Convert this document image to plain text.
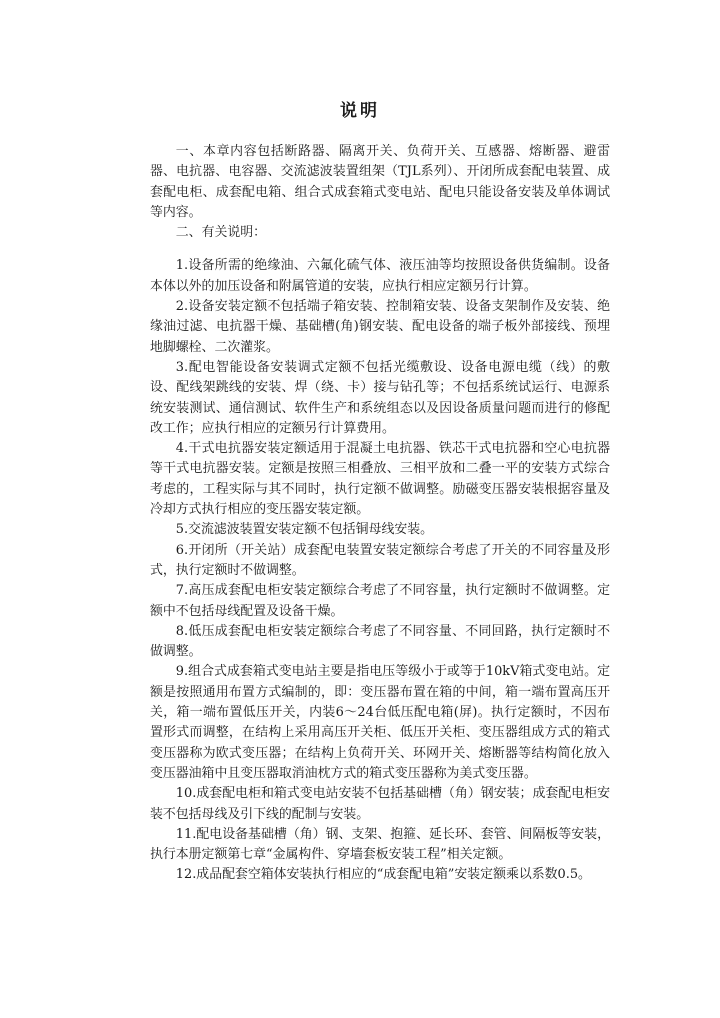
说明

一、本章内容包括断路器、隔离开关、负荷开关、互感器、熔断器、避雷器、电抗器、电容器、交流滤波装置组架（TJL系列）、开闭所成套配电装置、成套配电柜、成套配电箱、组合式成套箱式变电站、配电只能设备安装及单体调试等内容。

二、有关说明：

1.设备所需的绝缘油、六氟化硫气体、液压油等均按照设备供货编制。设备本体以外的加压设备和附属管道的安装，应执行相应定额另行计算。

2.设备安装定额不包括端子箱安装、控制箱安装、设备支架制作及安装、绝缘油过滤、电抗器干燥、基础槽(角)钢安装、配电设备的端子板外部接线、预埋地脚螺栓、二次灌浆。

3.配电智能设备安装调式定额不包括光缆敷设、设备电源电缆（线）的敷设、配线架跳线的安装、焊（绕、卡）接与钻孔等；不包括系统试运行、电源系统安装测试、通信测试、软件生产和系统组态以及因设备质量问题而进行的修配改工作；应执行相应的定额另行计算费用。

4.干式电抗器安装定额适用于混凝土电抗器、铁芯干式电抗器和空心电抗器等干式电抗器安装。定额是按照三相叠放、三相平放和二叠一平的安装方式综合考虑的，工程实际与其不同时，执行定额不做调整。励磁变压器安装根据容量及冷却方式执行相应的变压器安装定额。

5.交流滤波装置安装定额不包括铜母线安装。

6.开闭所（开关站）成套配电装置安装定额综合考虑了开关的不同容量及形式，执行定额时不做调整。

7.高压成套配电柜安装定额综合考虑了不同容量，执行定额时不做调整。定额中不包括母线配置及设备干燥。

8.低压成套配电柜安装定额综合考虑了不同容量、不同回路，执行定额时不做调整。

9.组合式成套箱式变电站主要是指电压等级小于或等于10kV箱式变电站。定额是按照通用布置方式编制的，即：变压器布置在箱的中间，箱一端布置高压开关，箱一端布置低压开关，内装6～24台低压配电箱(屏)。执行定额时，不因布置形式而调整，在结构上采用高压开关柜、低压开关柜、变压器组成方式的箱式变压器称为欧式变压器；在结构上负荷开关、环网开关、熔断器等结构简化放入变压器油箱中且变压器取消油枕方式的箱式变压器称为美式变压器。

10.成套配电柜和箱式变电站安装不包括基础槽（角）钢安装；成套配电柜安装不包括母线及引下线的配制与安装。

11.配电设备基础槽（角）钢、支架、抱箍、延长环、套管、间隔板等安装，执行本册定额第七章“金属构件、穿墙套板安装工程”相关定额。

12.成品配套空箱体安装执行相应的“成套配电箱”安装定额乘以系数0.5。
